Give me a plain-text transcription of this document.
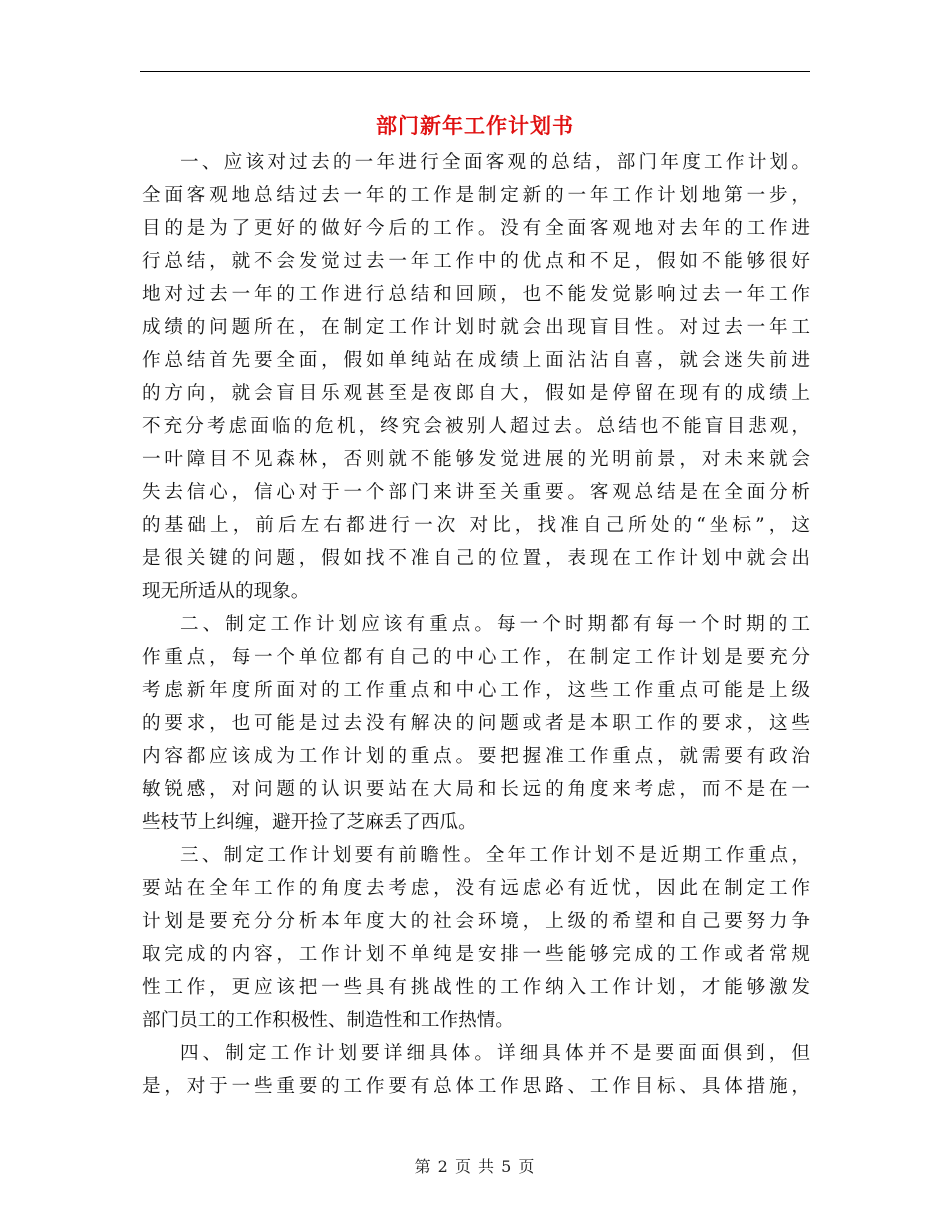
部门新年工作计划书
一、应该对过去的一年进行全面客观的总结，部门年度工作计划。
全面客观地总结过去一年的工作是制定新的一年工作计划地第一步，
目的是为了更好的做好今后的工作。没有全面客观地对去年的工作进
行总结，就不会发觉过去一年工作中的优点和不足，假如不能够很好
地对过去一年的工作进行总结和回顾，也不能发觉影响过去一年工作
成绩的问题所在，在制定工作计划时就会出现盲目性。对过去一年工
作总结首先要全面，假如单纯站在成绩上面沾沾自喜，就会迷失前进
的方向，就会盲目乐观甚至是夜郎自大，假如是停留在现有的成绩上
不充分考虑面临的危机，终究会被别人超过去。总结也不能盲目悲观，
一叶障目不见森林，否则就不能够发觉进展的光明前景，对未来就会
失去信心，信心对于一个部门来讲至关重要。客观总结是在全面分析
的基础上，前后左右都进行一次 对比，找准自己所处的“坐标”，这
是很关键的问题，假如找不准自己的位置，表现在工作计划中就会出
现无所适从的现象。
二、制定工作计划应该有重点。每一个时期都有每一个时期的工
作重点，每一个单位都有自己的中心工作，在制定工作计划是要充分
考虑新年度所面对的工作重点和中心工作，这些工作重点可能是上级
的要求，也可能是过去没有解决的问题或者是本职工作的要求，这些
内容都应该成为工作计划的重点。要把握准工作重点，就需要有政治
敏锐感，对问题的认识要站在大局和长远的角度来考虑，而不是在一
些枝节上纠缠，避开捡了芝麻丢了西瓜。
三、制定工作计划要有前瞻性。全年工作计划不是近期工作重点，
要站在全年工作的角度去考虑，没有远虑必有近忧，因此在制定工作
计划是要充分分析本年度大的社会环境，上级的希望和自己要努力争
取完成的内容，工作计划不单纯是安排一些能够完成的工作或者常规
性工作，更应该把一些具有挑战性的工作纳入工作计划，才能够激发
部门员工的工作积极性、制造性和工作热情。
四、制定工作计划要详细具体。详细具体并不是要面面俱到，但
是，对于一些重要的工作要有总体工作思路、工作目标、具体措施，
第 2 页 共 5 页
